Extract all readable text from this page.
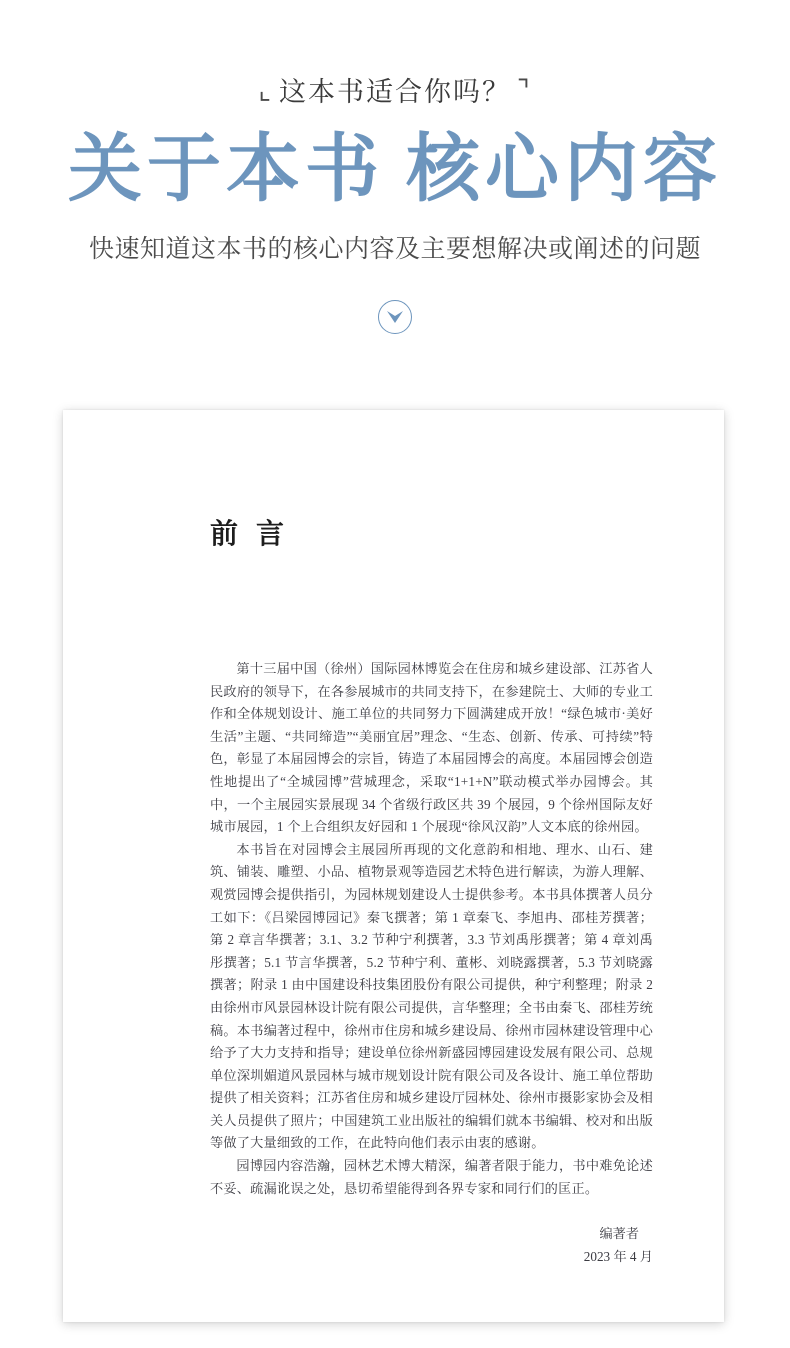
⌞ 这本书适合你吗？ ⌝
关于本书 核心内容
快速知道这本书的核心内容及主要想解决或阐述的问题
前 言

第十三届中国（徐州）国际园林博览会在住房和城乡建设部、江苏省人民政府的领导下，在各参展城市的共同支持下，在参建院士、大师的专业工作和全体规划设计、施工单位的共同努力下圆满建成开放！“绿色城市·美好生活”主题、“共同缔造”“美丽宜居”理念、“生态、创新、传承、可持续”特色，彰显了本届园博会的宗旨，铸造了本届园博会的高度。本届园博会创造性地提出了“全城园博”营城理念，采取“1+1+N”联动模式举办园博会。其中，一个主展园实景展现 34 个省级行政区共 39 个展园，9 个徐州国际友好城市展园，1 个上合组织友好园和 1 个展现“徐风汉韵”人文本底的徐州园。

本书旨在对园博会主展园所再现的文化意韵和相地、理水、山石、建筑、铺装、雕塑、小品、植物景观等造园艺术特色进行解读，为游人理解、观赏园博会提供指引，为园林规划建设人士提供参考。本书具体撰著人员分工如下：《吕梁园博园记》秦飞撰著；第 1 章秦飞、李旭冉、邵桂芳撰著；第 2 章言华撰著；3.1、3.2 节种宁利撰著，3.3 节刘禹彤撰著；第 4 章刘禹彤撰著；5.1 节言华撰著，5.2 节种宁利、董彬、刘晓露撰著，5.3 节刘晓露撰著；附录 1 由中国建设科技集团股份有限公司提供，种宁利整理；附录 2 由徐州市风景园林设计院有限公司提供，言华整理；全书由秦飞、邵桂芳统稿。本书编著过程中，徐州市住房和城乡建设局、徐州市园林建设管理中心给予了大力支持和指导；建设单位徐州新盛园博园建设发展有限公司、总规单位深圳媚道风景园林与城市规划设计院有限公司及各设计、施工单位帮助提供了相关资料；江苏省住房和城乡建设厅园林处、徐州市摄影家协会及相关人员提供了照片；中国建筑工业出版社的编辑们就本书编辑、校对和出版等做了大量细致的工作，在此特向他们表示由衷的感谢。

园博园内容浩瀚，园林艺术博大精深，编著者限于能力，书中难免论述不妥、疏漏讹误之处，恳切希望能得到各界专家和同行们的匡正。

编著者
2023 年 4 月
